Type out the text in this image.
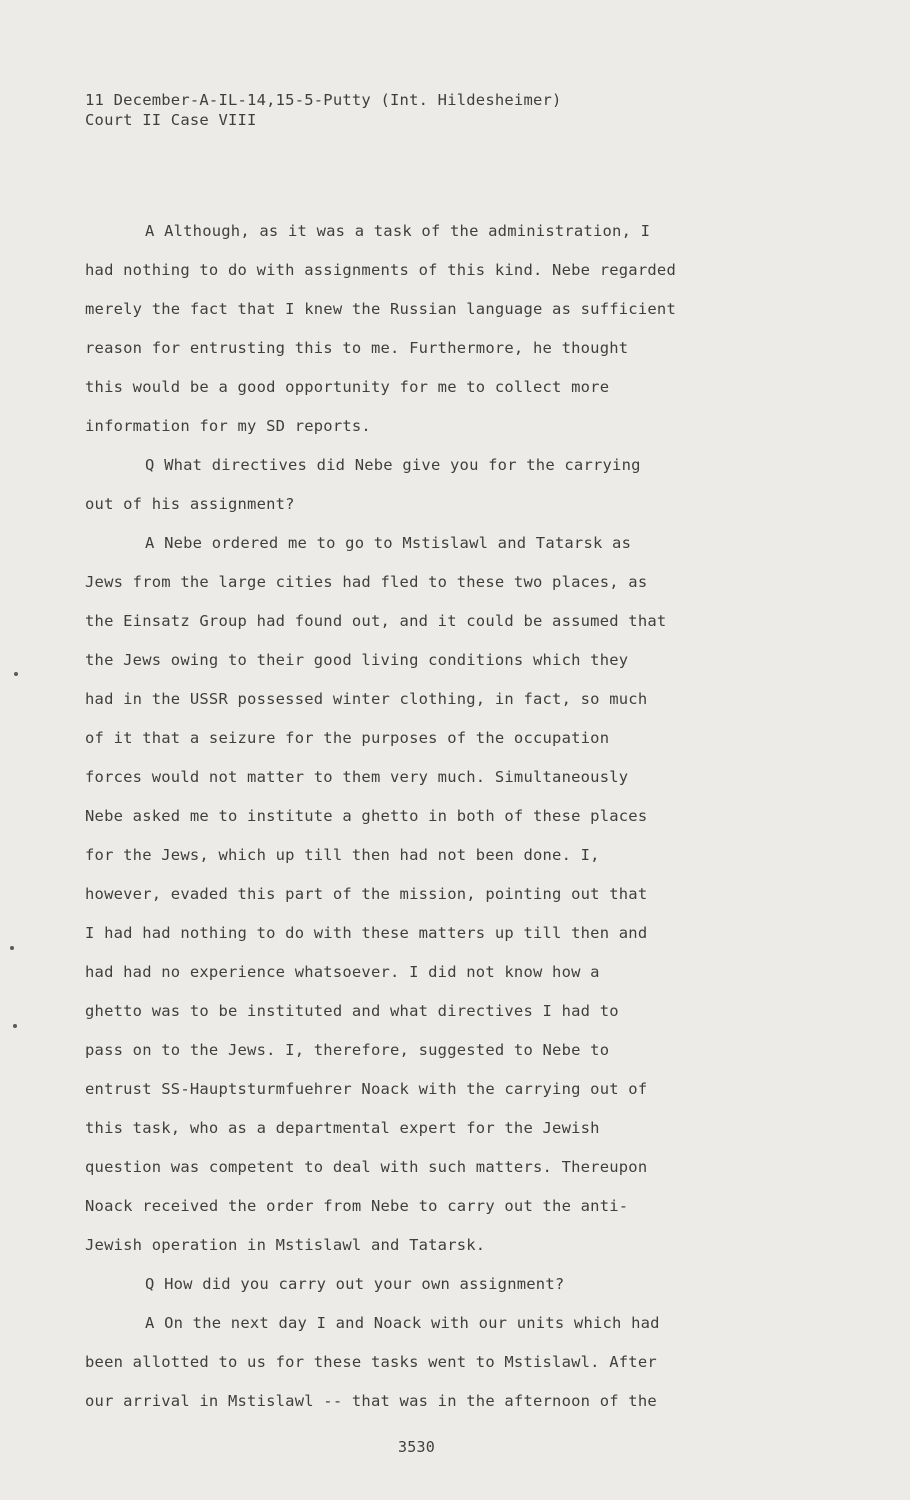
11 December-A-IL-14,15-5-Putty (Int. Hildesheimer)
Court II Case VIII
A Although, as it was a task of the administration, I
had nothing to do with assignments of this kind. Nebe regarded
merely the fact that I knew the Russian language as sufficient
reason for entrusting this to me. Furthermore, he thought
this would be a good opportunity for me to collect more
information for my SD reports.
Q What directives did Nebe give you for the carrying
out of his assignment?
A Nebe ordered me to go to Mstislawl and Tatarsk as
Jews from the large cities had fled to these two places, as
the Einsatz Group had found out, and it could be assumed that
the Jews owing to their good living conditions which they
had in the USSR possessed winter clothing, in fact, so much
of it that a seizure for the purposes of the occupation
forces would not matter to them very much. Simultaneously
Nebe asked me to institute a ghetto in both of these places
for the Jews, which up till then had not been done. I,
however, evaded this part of the mission, pointing out that
I had had nothing to do with these matters up till then and
had had no experience whatsoever. I did not know how a
ghetto was to be instituted and what directives I had to
pass on to the Jews. I, therefore, suggested to Nebe to
entrust SS-Hauptsturmfuehrer Noack with the carrying out of
this task, who as a departmental expert for the Jewish
question was competent to deal with such matters. Thereupon
Noack received the order from Nebe to carry out the anti-
Jewish operation in Mstislawl and Tatarsk.
Q How did you carry out your own assignment?
A On the next day I and Noack with our units which had
been allotted to us for these tasks went to Mstislawl. After
our arrival in Mstislawl -- that was in the afternoon of the
3530
